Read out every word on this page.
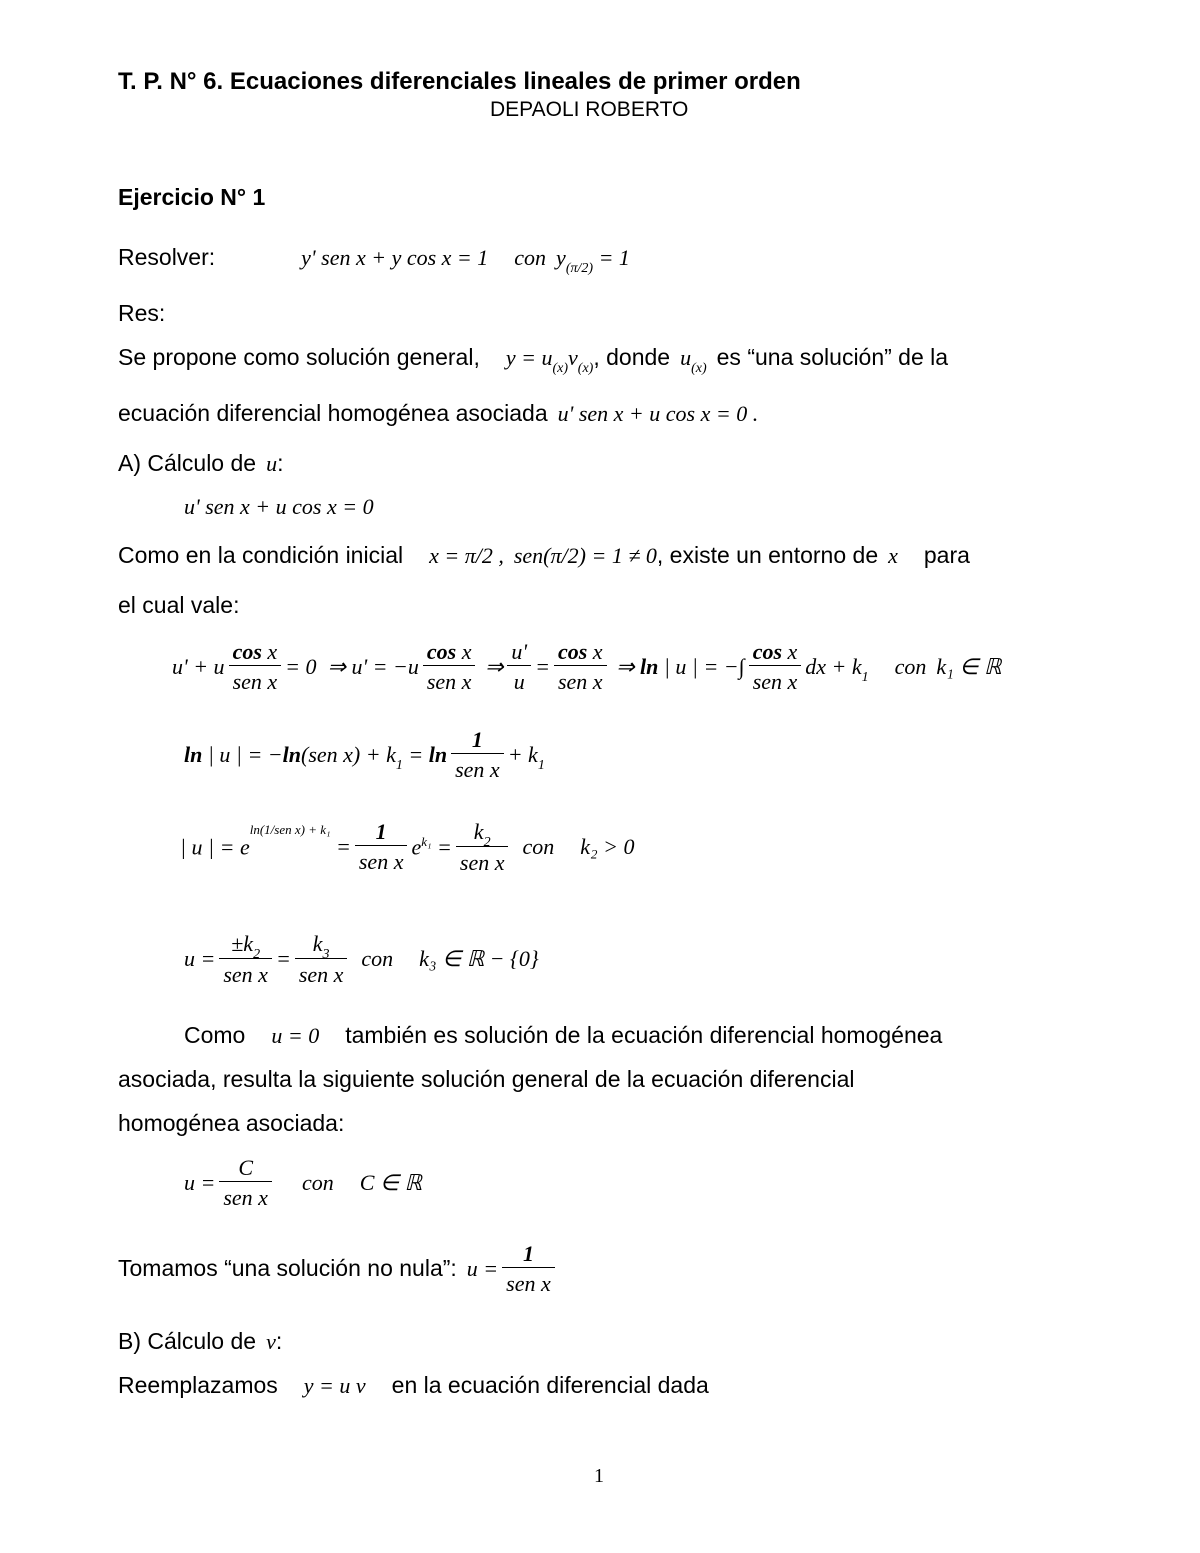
T. P. N° 6. Ecuaciones diferenciales lineales de primer orden
DEPAOLI ROBERTO
Ejercicio N° 1
Resolver:	y' sen x + y cos x = 1 con $y_{(\pi/2)} = 1$
Res:
Se propone como solución general, $y = u_{(x)}v_{(x)}$ , donde $u_{(x)}$ es “una solución” de la
ecuación diferencial homogénea asociada u' sen x + u cos x = 0 .
A) Cálculo de u :
u' sen x + u cos x = 0
Como en la condición inicial x = π/2 , sen(π/2) = 1 ≠ 0 , existe un entorno de x para
el cual vale:
u' + u $\frac{\text{cos x}}{\text{sen x}} = 0$  ⇒ $u' = -u \frac{\text{cos x}}{\text{sen x}}$ ⇒ $\frac{u'}{u} = \frac{\text{cos x}}{\text{sen x}}$ ⇒ ln | u | = −∫ $\frac{\text{cos x}}{\text{sen x}}$ dx + $k_1$ con k₁ ∈ ℝ
ln | u | = −ln(sen $x) + k_1 = \ln \frac{1}{\text{sen x}} + k_1$
| u | = $e^{ln(1/sen x) + k_1}$
= $\frac{1}{\text{sen x}} e^{k_1} = \frac{k_2}{\text{sen x}}$ con k₂ > 0
$u = \frac{\pm k_2}{\text{sen x}} = \frac{k_3}{\text{sen x}}$ con k₃ ∈ ℝ − {0}
Como u = 0 también es solución de la ecuación diferencial homogénea
asociada, resulta la siguiente solución general de la ecuación diferencial
homogénea asociada:
$u = \frac{C}{\text{sen x}}$ con C ∈ ℝ
Tomamos “una solución no nula”: $u = \frac{1}{\text{sen x}}$
B) Cálculo de v :
Reemplazamos y = u v en la ecuación diferencial dada
1
